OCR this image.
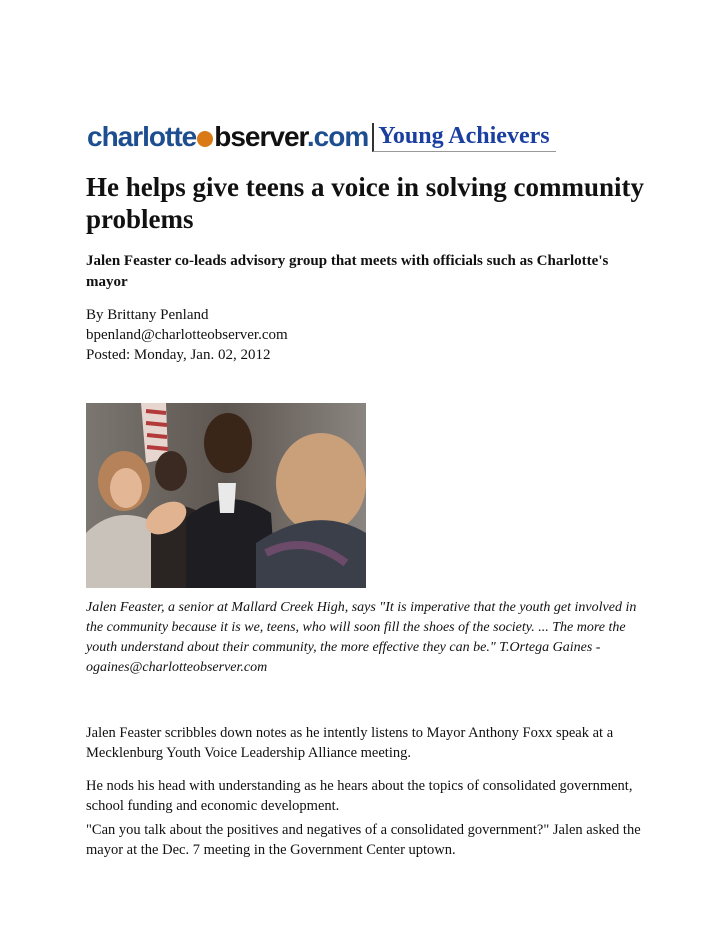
charlotte bserver.com Young Achievers
He helps give teens a voice in solving community problems
Jalen Feaster co-leads advisory group that meets with officials such as Charlotte's mayor
By Brittany Penland
bpenland@charlotteobserver.com
Posted: Monday, Jan. 02, 2012

Jalen Feaster, a senior at Mallard Creek High, says "It is imperative that the youth get involved in the community because it is we, teens, who will soon fill the shoes of the society. ... The more the youth understand about their community, the more effective they can be." T.Ortega Gaines - ogaines@charlotteobserver.com

Jalen Feaster scribbles down notes as he intently listens to Mayor Anthony Foxx speak at a Mecklenburg Youth Voice Leadership Alliance meeting.

He nods his head with understanding as he hears about the topics of consolidated government, school funding and economic development.

"Can you talk about the positives and negatives of a consolidated government?" Jalen asked the mayor at the Dec. 7 meeting in the Government Center uptown.
